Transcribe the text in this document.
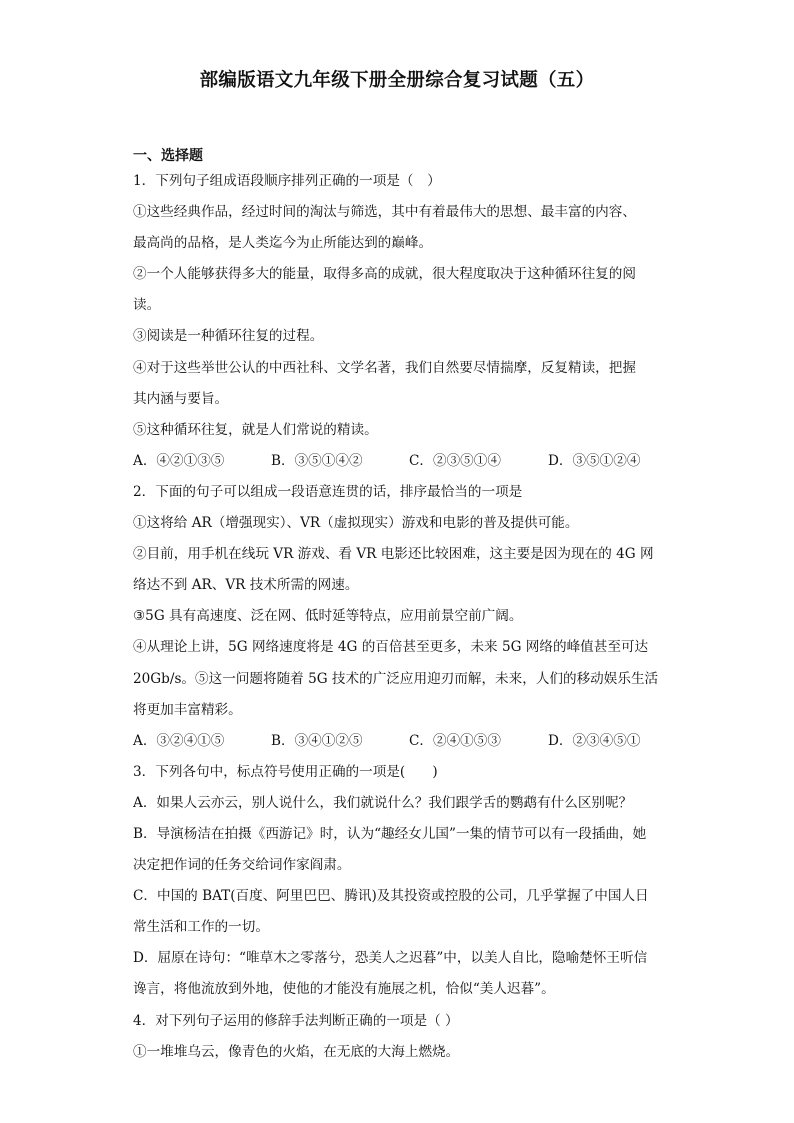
部编版语文九年级下册全册综合复习试题（五）
一、选择题
1．下列句子组成语段顺序排列正确的一项是（　）
①这些经典作品，经过时间的淘汰与筛选，其中有着最伟大的思想、最丰富的内容、
最高尚的品格，是人类迄今为止所能达到的巅峰。
②一个人能够获得多大的能量，取得多高的成就，很大程度取决于这种循环往复的阅
读。
③阅读是一种循环往复的过程。
④对于这些举世公认的中西社科、文学名著，我们自然要尽情揣摩，反复精读，把握
其内涵与要旨。
⑤这种循环往复，就是人们常说的精读。
A．④②①③⑤	B．③⑤①④②	C．②③⑤①④	D．③⑤①②④
2．下面的句子可以组成一段语意连贯的话，排序最恰当的一项是
①这将给 AR（增强现实）、VR（虚拟现实）游戏和电影的普及提供可能。
②目前，用手机在线玩 VR 游戏、看 VR 电影还比较困难，这主要是因为现在的 4G 网
络达不到 AR、VR 技术所需的网速。
③5G 具有高速度、泛在网、低时延等特点，应用前景空前广阔。
④从理论上讲，5G 网络速度将是 4G 的百倍甚至更多，未来 5G 网络的峰值甚至可达
20Gb/s。⑤这一问题将随着 5G 技术的广泛应用迎刃而解，未来，人们的移动娱乐生活
将更加丰富精彩。
A．③②④①⑤	B．③④①②⑤	C．②④①⑤③	D．②③④⑤①
3．下列各句中，标点符号使用正确的一项是(　　)
A．如果人云亦云，别人说什么，我们就说什么？我们跟学舌的鹦鹉有什么区别呢？
B．导演杨洁在拍摄《西游记》时，认为“趣经女儿国”一集的情节可以有一段插曲，她
决定把作词的任务交给词作家阎肃。
C．中国的 BAT(百度、阿里巴巴、腾讯)及其投资或控股的公司，几乎掌握了中国人日
常生活和工作的一切。
D．屈原在诗句：“唯草木之零落兮，恐美人之迟暮”中，以美人自比，隐喻楚怀王听信
谗言，将他流放到外地，使他的才能没有施展之机，恰似“美人迟暮”。
4．对下列句子运用的修辞手法判断正确的一项是（ ）
①一堆堆乌云，像青色的火焰，在无底的大海上燃烧。
